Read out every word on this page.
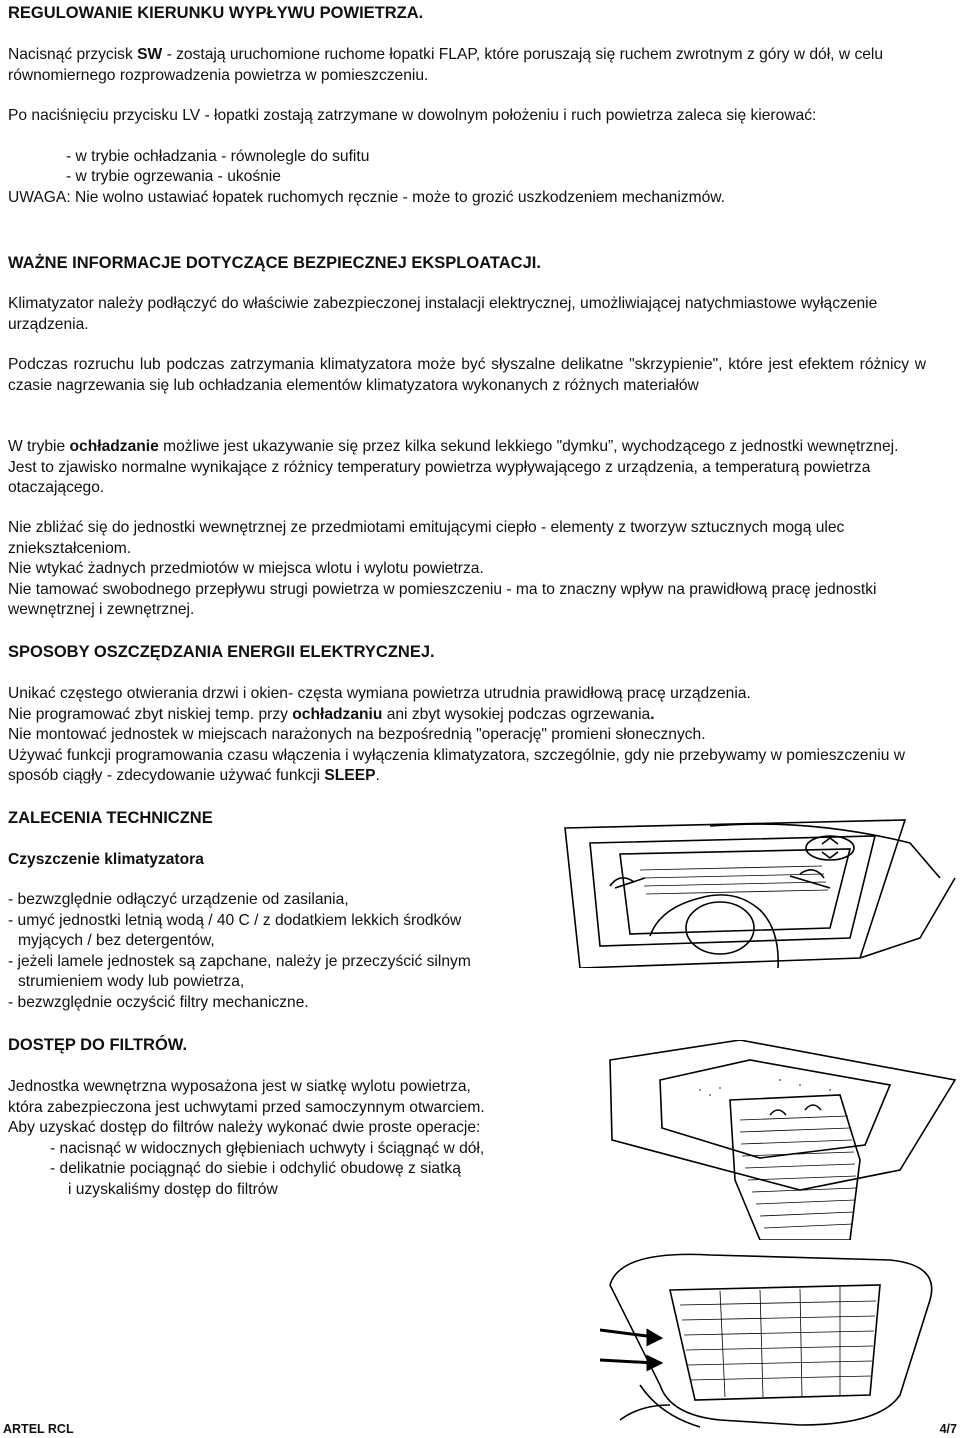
REGULOWANIE KIERUNKU WYPŁYWU POWIETRZA.
Nacisnąć przycisk SW - zostają uruchomione ruchome łopatki FLAP, które poruszają się ruchem zwrotnym z góry w dół, w celu równomiernego rozprowadzenia powietrza w pomieszczeniu.
Po naciśnięciu przycisku LV - łopatki zostają zatrzymane w dowolnym położeniu i ruch powietrza zaleca się kierować:
- w trybie ochładzania - równolegle do sufitu
- w trybie ogrzewania - ukośnie
UWAGA: Nie wolno ustawiać łopatek ruchomych ręcznie - może to grozić uszkodzeniem mechanizmów.
WAŻNE INFORMACJE DOTYCZĄCE BEZPIECZNEJ EKSPLOATACJI.
Klimatyzator należy podłączyć do właściwie zabezpieczonej instalacji elektrycznej, umożliwiającej natychmiastowe wyłączenie urządzenia.
Podczas rozruchu lub podczas zatrzymania klimatyzatora może być słyszalne delikatne "skrzypienie", które jest efektem różnicy w czasie nagrzewania się lub ochładzania elementów klimatyzatora wykonanych z różnych materiałów
W trybie ochładzanie możliwe jest ukazywanie się przez kilka sekund lekkiego "dymku”, wychodzącego z jednostki wewnętrznej. Jest to zjawisko normalne wynikające z różnicy temperatury powietrza wypływającego z urządzenia, a temperaturą powietrza otaczającego.

Nie zbliżać się do jednostki wewnętrznej ze przedmiotami emitującymi ciepło - elementy z tworzyw sztucznych mogą ulec zniekształceniom.

Nie wtykać żadnych przedmiotów w miejsca wlotu i wylotu powietrza.

Nie tamować swobodnego przepływu strugi powietrza w pomieszczeniu - ma to znaczny wpływ na prawidłową pracę jednostki wewnętrznej i zewnętrznej.

SPOSOBY OSZCZĘDZANIA ENERGII ELEKTRYCZNEJ.

Unikać częstego otwierania drzwi i okien- częsta wymiana powietrza utrudnia prawidłową pracę urządzenia.

Nie programować zbyt niskiej temp. przy ochładzaniu ani zbyt wysokiej podczas ogrzewania.

Nie montować jednostek w miejscach narażonych na bezpośrednią "operację" promieni słonecznych.

Używać funkcji programowania czasu włączenia i wyłączenia klimatyzatora, szczególnie, gdy nie przebywamy w pomieszczeniu w sposób ciągły - zdecydowanie używać funkcji SLEEP.

ZALECENIA TECHNICZNE
Czyszczenie klimatyzatora

- bezwzględnie odłączyć urządzenie od zasilania,

- umyć jednostki letnią wodą / 40 C / z dodatkiem lekkich środków

myjących / bez detergentów,

- jeżeli lamele jednostek są zapchane, należy je przeczyścić silnym

strumieniem wody lub powietrza,

- bezwzględnie oczyścić filtry mechaniczne.

DOSTĘP DO FILTRÓW.

Jednostka wewnętrzna wyposażona jest w siatkę wylotu powietrza,

która zabezpieczona jest uchwytami przed samoczynnym otwarciem.

Aby uzyskać dostęp do filtrów należy wykonać dwie proste operacje:

- nacisnąć w widocznych głębieniach uchwyty i ściągnąć w dół,

- delikatnie pociągnąć do siebie i odchylić obudowę z siatką

i uzyskaliśmy dostęp do filtrów

ARTEL RCL	4/7
